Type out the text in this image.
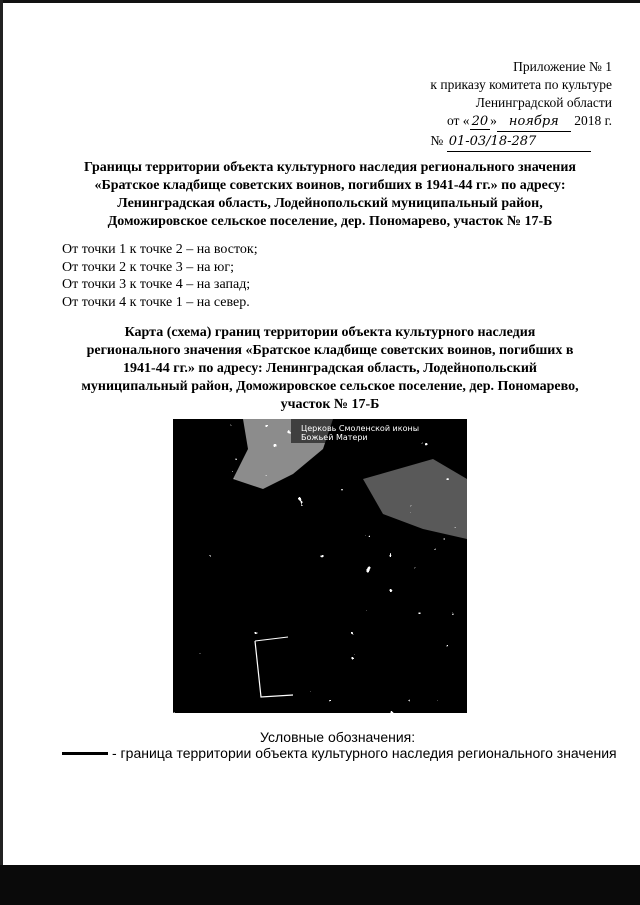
Приложение № 1
к приказу комитета по культуре
Ленинградской области
от « 20 » ноября 2018 г.
№ 01-03/18-287
Границы территории объекта культурного наследия регионального значения
«Братское кладбище советских воинов, погибших в 1941-44 гг.» по адресу:
Ленинградская область, Лодейнопольский муниципальный район,
Доможировское сельское поселение, дер. Пономарево, участок № 17-Б
От точки 1 к точке 2 – на восток;
От точки 2 к точке 3 – на юг;
От точки 3 к точке 4 – на запад;
От точки 4 к точке 1 – на север.
Карта (схема) границ территории объекта культурного наследия
регионального значения «Братское кладбище советских воинов, погибших в
1941-44 гг.» по адресу: Ленинградская область, Лодейнопольский
муниципальный район, Доможировское сельское поселение, дер. Пономарево,
участок № 17-Б
Церковь Смоленской иконы
Божьей Матери
Условные обозначения:
- граница территории объекта культурного наследия регионального значения
